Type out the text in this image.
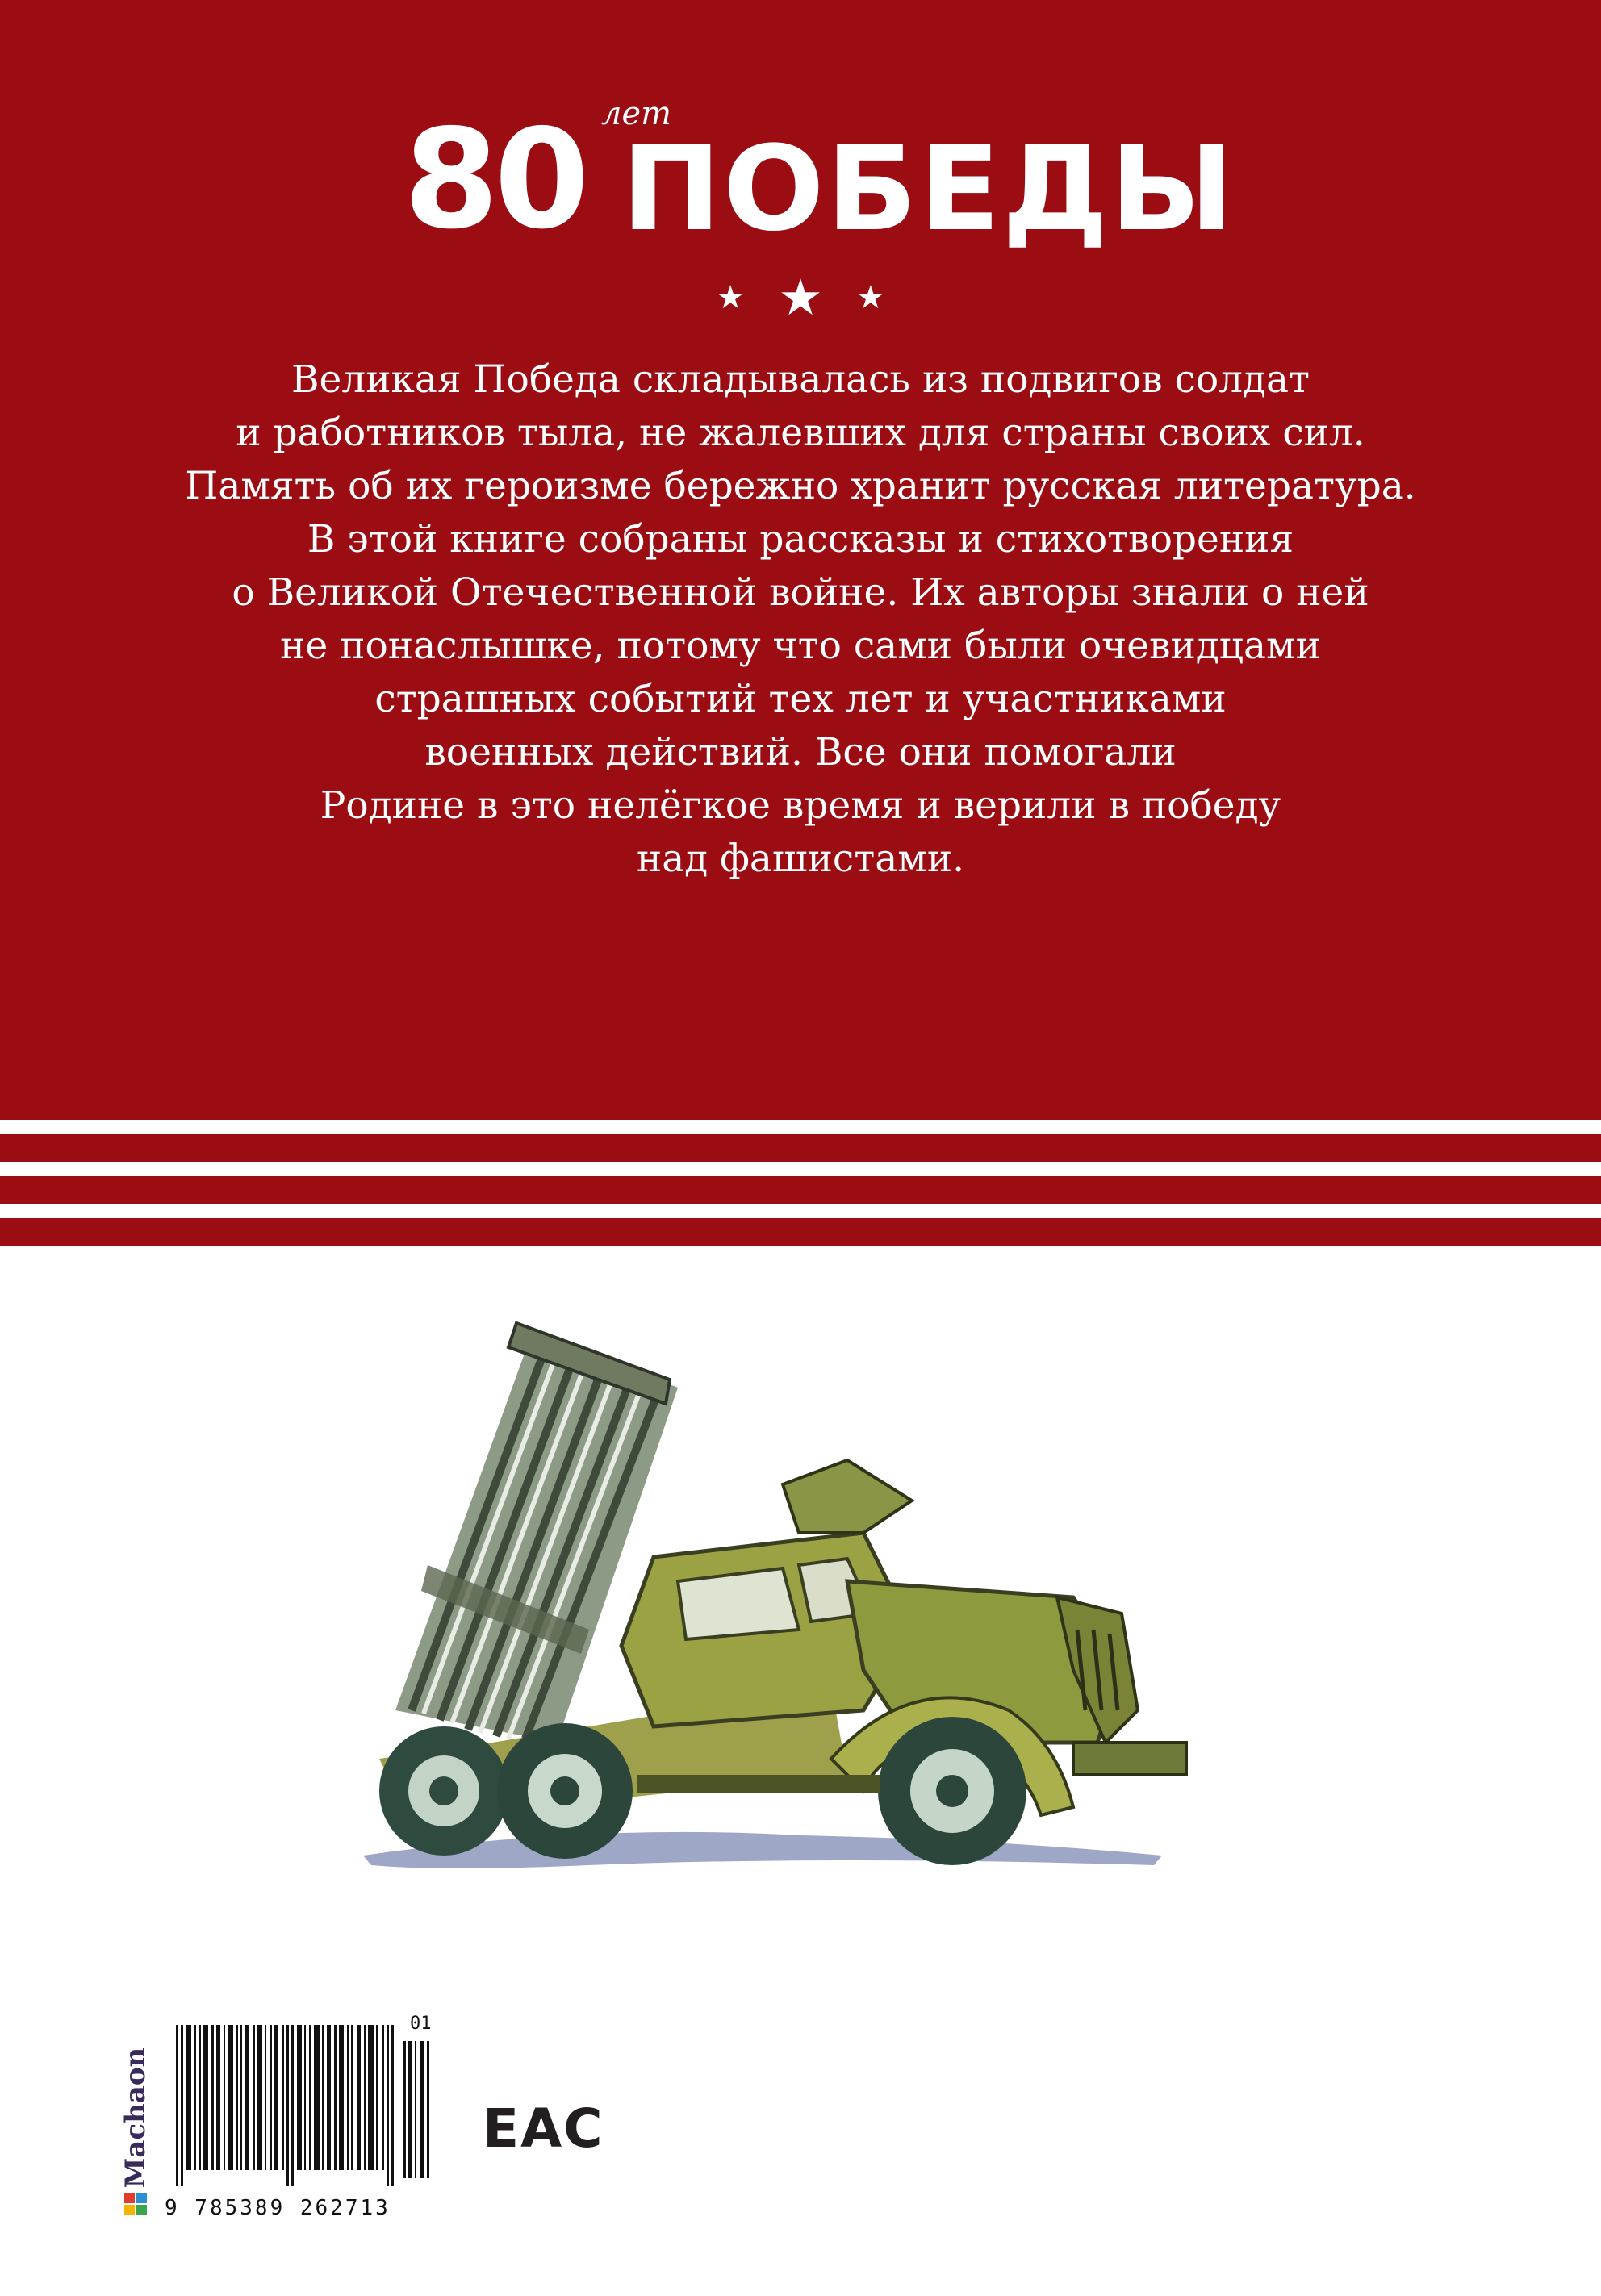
80 лет
ПОБЕДЫ
★ ★ ★

Великая Победа складывалась из подвигов солдат
и работников тыла, не жалевших для страны своих сил.
Память об их героизме бережно хранит русская литература.
В этой книге собраны рассказы и стихотворения
о Великой Отечественной войне. Их авторы знали о ней
не понаслышке, потому что сами были очевидцами
страшных событий тех лет и участниками
военных действий. Все они помогали
Родине в это нелёгкое время и верили в победу
над фашистами.

Machaon
01
9 785389 262713
EAC
